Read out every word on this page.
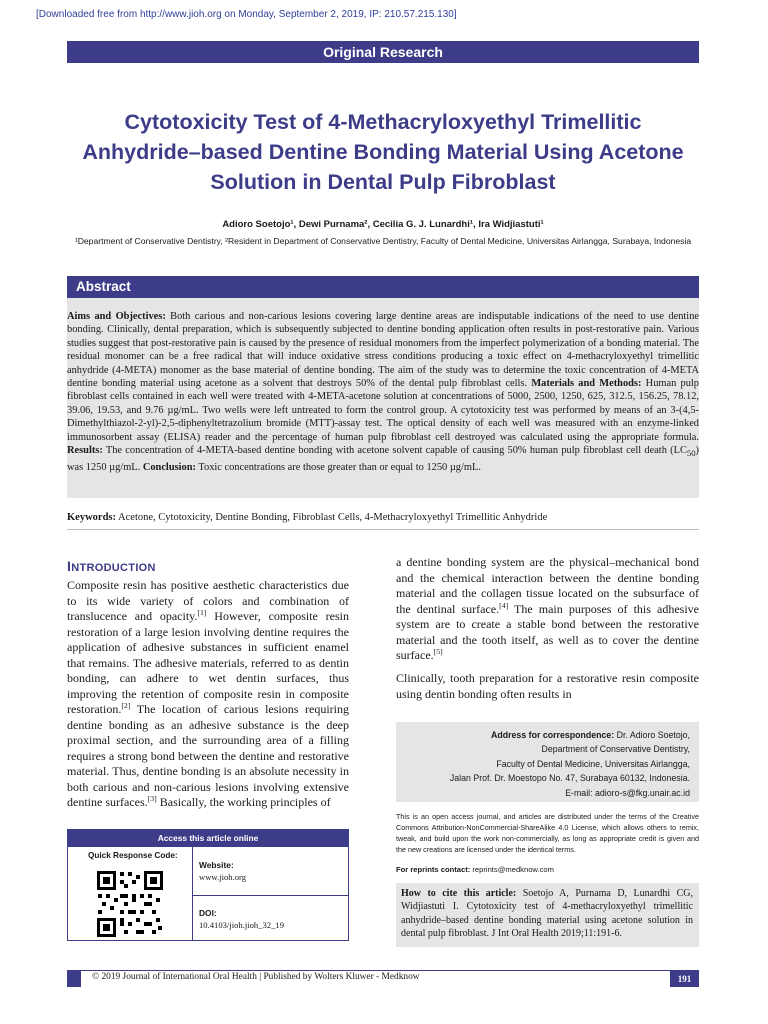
[Downloaded free from http://www.jioh.org on Monday, September 2, 2019, IP: 210.57.215.130]
Original Research
Cytotoxicity Test of 4-Methacryloxyethyl Trimellitic Anhydride–based Dentine Bonding Material Using Acetone Solution in Dental Pulp Fibroblast
Adioro Soetojo¹, Dewi Purnama², Cecilia G. J. Lunardhi¹, Ira Widjiastuti¹
¹Department of Conservative Dentistry, ²Resident in Department of Conservative Dentistry, Faculty of Dental Medicine, Universitas Airlangga, Surabaya, Indonesia
Abstract
Aims and Objectives: Both carious and non-carious lesions covering large dentine areas are indisputable indications of the need to use dentine bonding. Clinically, dental preparation, which is subsequently subjected to dentine bonding application often results in post-restorative pain. Various studies suggest that post-restorative pain is caused by the presence of residual monomers from the imperfect polymerization of a bonding material. The residual monomer can be a free radical that will induce oxidative stress conditions producing a toxic effect on 4-methacryloxyethyl trimellitic anhydride (4-META) monomer as the base material of dentine bonding. The aim of the study was to determine the toxic concentration of 4-META dentine bonding material using acetone as a solvent that destroys 50% of the dental pulp fibroblast cells. Materials and Methods: Human pulp fibroblast cells contained in each well were treated with 4-META-acetone solution at concentrations of 5000, 2500, 1250, 625, 312.5, 156.25, 78.12, 39.06, 19.53, and 9.76 µg/mL. Two wells were left untreated to form the control group. A cytotoxicity test was performed by means of an 3-(4,5-Dimethylthiazol-2-yl)-2,5-diphenyltetrazolium bromide (MTT)-assay test. The optical density of each well was measured with an enzyme-linked immunosorbent assay (ELISA) reader and the percentage of human pulp fibroblast cell destroyed was calculated using the appropriate formula. Results: The concentration of 4-META-based dentine bonding with acetone solvent capable of causing 50% human pulp fibroblast cell death $(LC_{50})$ was 1250 µg/mL. Conclusion: Toxic concentrations are those greater than or equal to 1250 µg/mL.
Keywords: Acetone, Cytotoxicity, Dentine Bonding, Fibroblast Cells, 4-Methacryloxyethyl Trimellitic Anhydride
INTRODUCTION
Composite resin has positive aesthetic characteristics due to its wide variety of colors and combination of translucence and opacity.[1] However, composite resin restoration of a large lesion involving dentine requires the application of adhesive substances in sufficient enamel that remains. The adhesive materials, referred to as dentin bonding, can adhere to wet dentin surfaces, thus improving the retention of composite resin in composite restoration.[2] The location of carious lesions requiring dentine bonding as an adhesive substance is the deep proximal section, and the surrounding area of a filling requires a strong bond between the dentine and restorative material. Thus, dentine bonding is an absolute necessity in both carious and non-carious lesions involving extensive dentine surfaces.[3] Basically, the working principles of
a dentine bonding system are the physical–mechanical bond and the chemical interaction between the dentine bonding material and the collagen tissue located on the subsurface of the dentinal surface.[4] The main purposes of this adhesive system are to create a stable bond between the restorative material and the tooth itself, as well as to cover the dentine surface.[5]
Clinically, tooth preparation for a restorative resin composite using dentin bonding often results in
Address for correspondence: Dr. Adioro Soetojo,
Department of Conservative Dentistry,
Faculty of Dental Medicine, Universitas Airlangga,
Jalan Prof. Dr. Moestopo No. 47, Surabaya 60132, Indonesia.
E-mail: adioro-s@fkg.unair.ac.id
This is an open access journal, and articles are distributed under the terms of the Creative Commons Attribution-NonCommercial-ShareAlike 4.0 License, which allows others to remix, tweak, and build upon the work non-commercially, as long as appropriate credit is given and the new creations are licensed under the identical terms.
For reprints contact: reprints@medknow.com

How to cite this article: Soetojo A, Purnama D, Lunardhi CG, Widjiastuti I. Cytotoxicity test of 4-methacryloxyethyl trimellitic anhydride–based dentine bonding material using acetone solution in dental pulp fibroblast. J Int Oral Health 2019;11:191-6.

Access this article online
Quick Response Code:
Website:
www.jioh.org
DOI:
10.4103/jioh.jioh_32_19
© 2019 Journal of International Oral Health | Published by Wolters Kluwer - Medknow	191
